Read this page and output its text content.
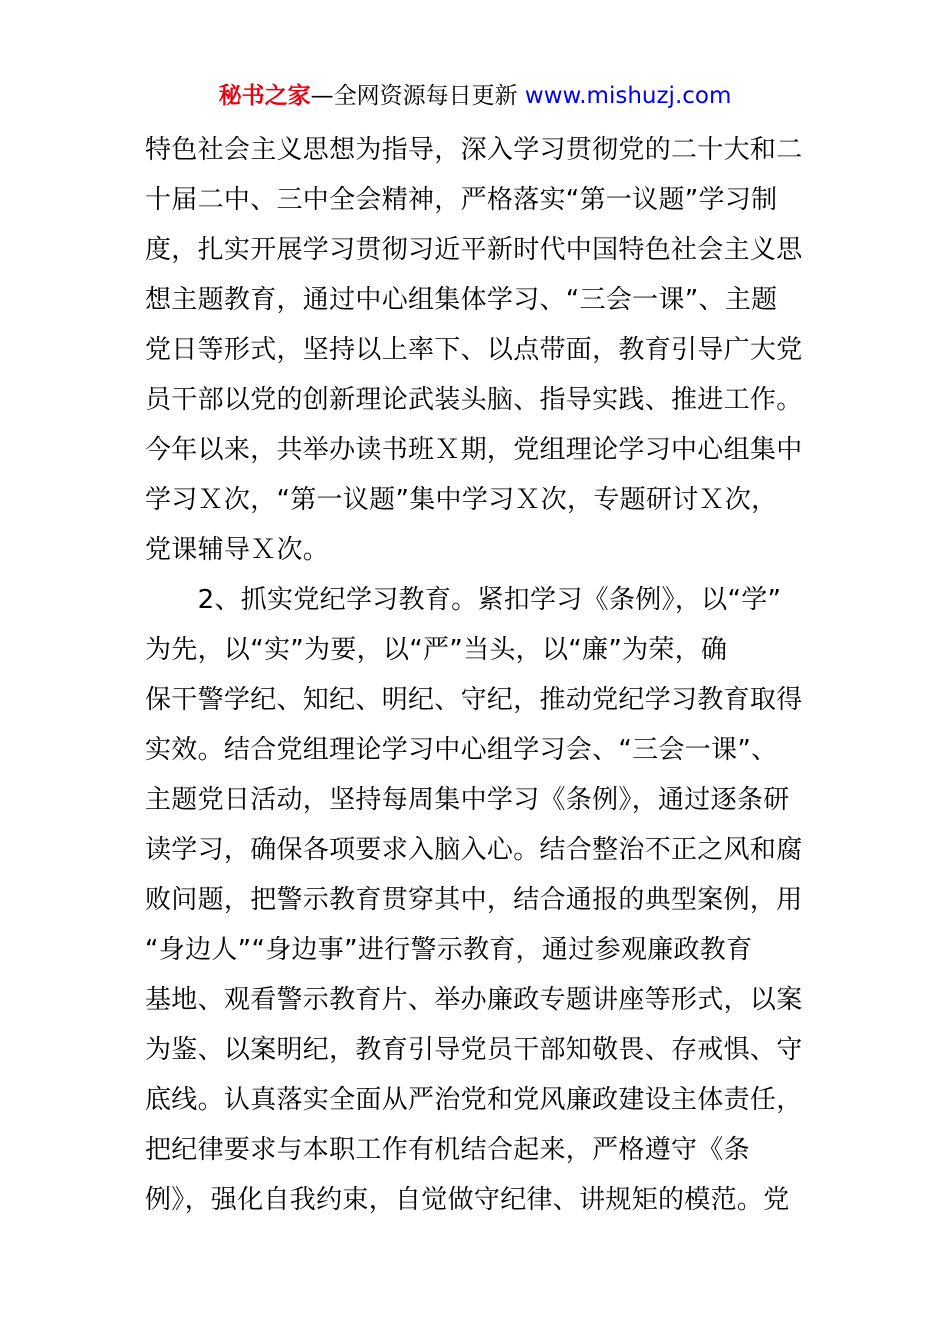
秘书之家—全网资源每日更新 www.mishuzj.com
特色社会主义思想为指导，深入学习贯彻党的二十大和二
十届二中、三中全会精神，严格落实“第一议题”学习制
度，扎实开展学习贯彻习近平新时代中国特色社会主义思
想主题教育，通过中心组集体学习、“三会一课”、主题
党日等形式，坚持以上率下、以点带面，教育引导广大党
员干部以党的创新理论武装头脑、指导实践、推进工作。
今年以来，共举办读书班Ｘ期，党组理论学习中心组集中
学习Ｘ次，“第一议题”集中学习Ｘ次，专题研讨Ｘ次，
党课辅导Ｘ次。
　　2、抓实党纪学习教育。紧扣学习《条例》，以“学”
为先，以“实”为要，以“严”当头，以“廉”为荣，确
保干警学纪、知纪、明纪、守纪，推动党纪学习教育取得
实效。结合党组理论学习中心组学习会、“三会一课”、
主题党日活动，坚持每周集中学习《条例》，通过逐条研
读学习，确保各项要求入脑入心。结合整治不正之风和腐
败问题，把警示教育贯穿其中，结合通报的典型案例，用
“身边人”“身边事”进行警示教育，通过参观廉政教育
基地、观看警示教育片、举办廉政专题讲座等形式，以案
为鉴、以案明纪，教育引导党员干部知敬畏、存戒惧、守
底线。认真落实全面从严治党和党风廉政建设主体责任，
把纪律要求与本职工作有机结合起来，严格遵守《条
例》，强化自我约束，自觉做守纪律、讲规矩的模范。党
